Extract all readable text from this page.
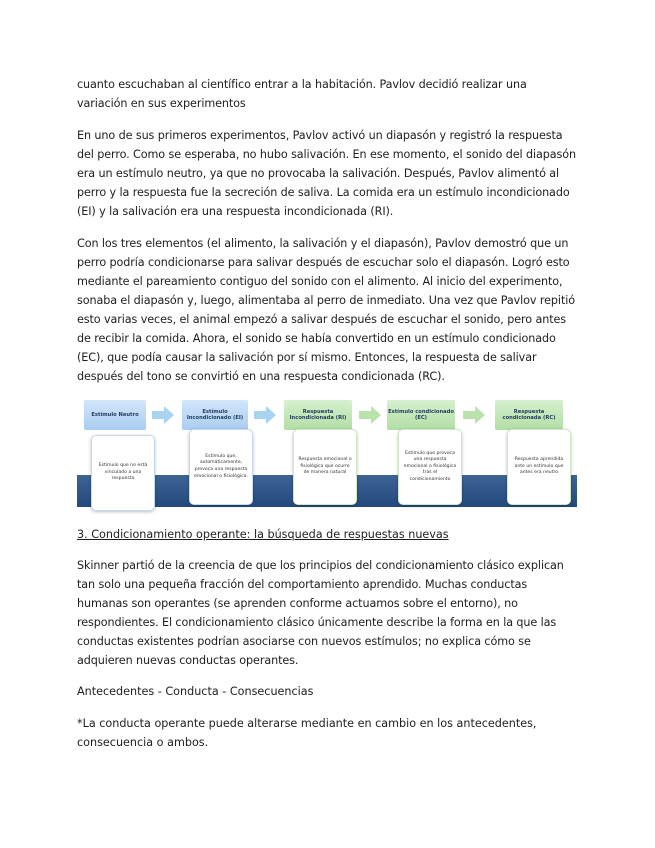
cuanto escuchaban al científico entrar a la habitación. Pavlov decidió realizar una variación en sus experimentos

En uno de sus primeros experimentos, Pavlov activó un diapasón y registró la respuesta del perro. Como se esperaba, no hubo salivación. En ese momento, el sonido del diapasón era un estímulo neutro, ya que no provocaba la salivación. Después, Pavlov alimentó al perro y la respuesta fue la secreción de saliva. La comida era un estímulo incondicionado (EI) y la salivación era una respuesta incondicionada (RI).

Con los tres elementos (el alimento, la salivación y el diapasón), Pavlov demostró que un perro podría condicionarse para salivar después de escuchar solo el diapasón. Logró esto mediante el pareamiento contiguo del sonido con el alimento. Al inicio del experimento, sonaba el diapasón y, luego, alimentaba al perro de inmediato. Una vez que Pavlov repitió esto varias veces, el animal empezó a salivar después de escuchar el sonido, pero antes de recibir la comida. Ahora, el sonido se había convertido en un estímulo condicionado (EC), que podía causar la salivación por sí mismo. Entonces, la respuesta de salivar después del tono se convirtió en una respuesta condicionada (RC).

Estímulo Neutro
Estímulo Incondicionado (EI)
Respuesta Incondicionada (RI)
Estímulo condicionado (EC)
Respuesta condicionada (RC)
Estímulo que no está vinculado a una respuesta
Estímulo que, automáticamente, provoca una respuesta emocional o fisiológica.
Respuesta emocional o fisiológica que ocurre de manera natural
Estímulo que provoca una respuesta emocional o fisiológica tras el condicionamiento
Respuesta aprendida ante un estímulo que antes era neutro
3. Condicionamiento operante: la búsqueda de respuestas nuevas

Skinner partió de la creencia de que los principios del condicionamiento clásico explican tan solo una pequeña fracción del comportamiento aprendido. Muchas conductas humanas son operantes (se aprenden conforme actuamos sobre el entorno), no respondientes. El condicionamiento clásico únicamente describe la forma en la que las conductas existentes podrían asociarse con nuevos estímulos; no explica cómo se adquieren nuevas conductas operantes.

Antecedentes - Conducta - Consecuencias
*La conducta operante puede alterarse mediante en cambio en los antecedentes, consecuencia o ambos.
